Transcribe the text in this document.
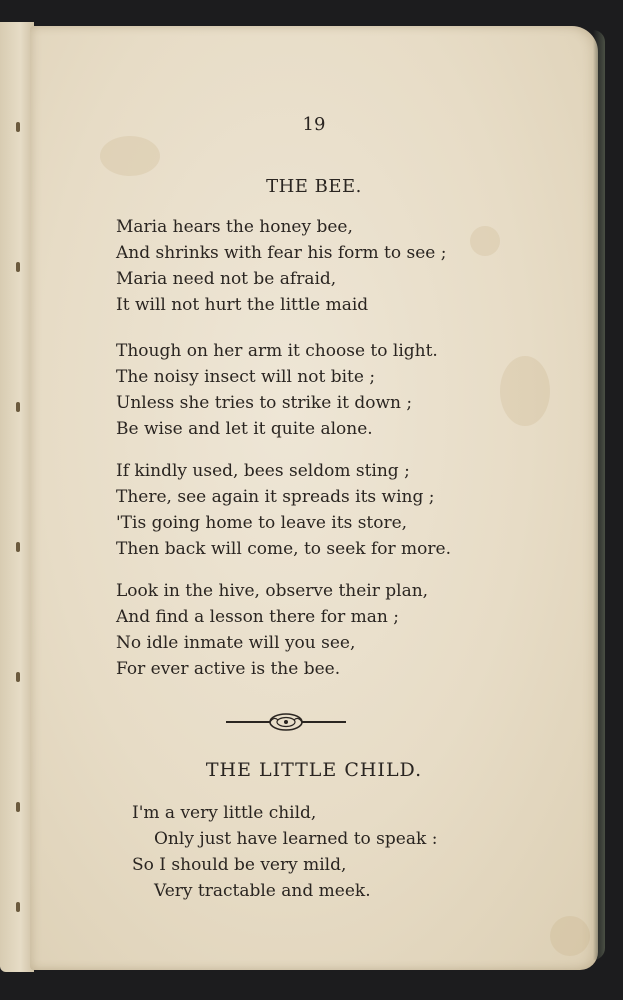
19
THE BEE.
Maria hears the honey bee,
And shrinks with fear his form to see ;
Maria need not be afraid,
It will not hurt the little maid
Though on her arm it choose to light.
The noisy insect will not bite ;
Unless she tries to strike it down ;
Be wise and let it quite alone.
If kindly used, bees seldom sting ;
There, see again it spreads its wing ;
'Tis going home to leave its store,
Then back will come, to seek for more.
Look in the hive, observe their plan,
And find a lesson there for man ;
No idle inmate will you see,
For ever active is the bee.
THE LITTLE CHILD.
I'm a very little child,
Only just have learned to speak :
So I should be very mild,
Very tractable and meek.
